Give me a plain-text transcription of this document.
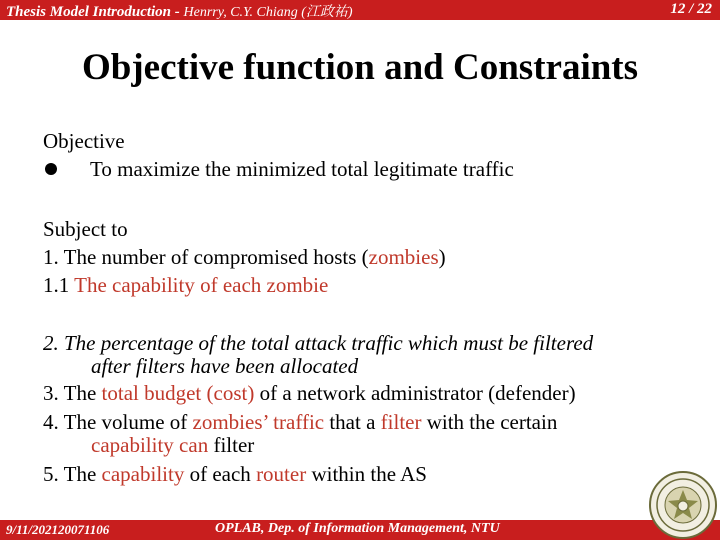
Thesis Model Introduction - Henrry, C.Y. Chiang (江政祐)	12 / 22
Objective function and Constraints
Objective
To maximize the minimized total legitimate traffic
Subject to
1. The number of compromised hosts (zombies)
1.1 The capability of each zombie
2. The percentage of the total attack traffic which must be filtered
after filters have been allocated
3. The total budget (cost) of a network administrator (defender)
4. The volume of zombies’ traffic that a filter with the certain
capability can filter
5. The capability of each router within the AS
9/11/202120071106	OPLAB, Dep. of Information Management, NTU
